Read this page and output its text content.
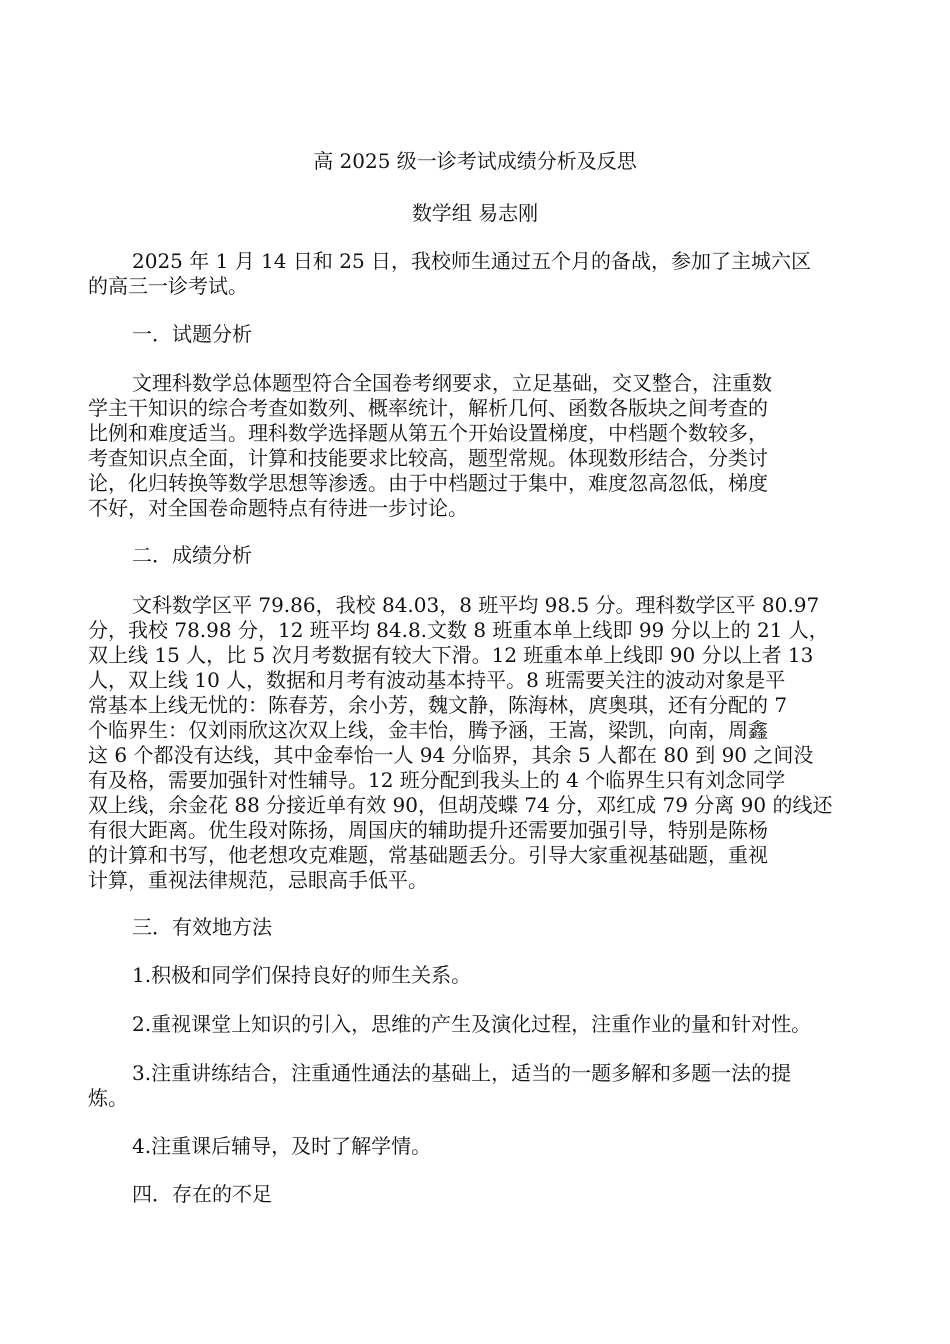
高 2025 级一诊考试成绩分析及反思
数学组 易志刚
2025 年 1 月 14 日和 25 日，我校师生通过五个月的备战，参加了主城六区
的高三一诊考试。
一．试题分析
文理科数学总体题型符合全国卷考纲要求，立足基础，交叉整合，注重数
学主干知识的综合考查如数列、概率统计，解析几何、函数各版块之间考查的
比例和难度适当。理科数学选择题从第五个开始设置梯度，中档题个数较多，
考查知识点全面，计算和技能要求比较高，题型常规。体现数形结合，分类讨
论，化归转换等数学思想等渗透。由于中档题过于集中，难度忽高忽低，梯度
不好，对全国卷命题特点有待进一步讨论。
二．成绩分析
文科数学区平 79.86，我校 84.03，8 班平均 98.5 分。理科数学区平 80.97
分，我校 78.98 分，12 班平均 84.8.文数 8 班重本单上线即 99 分以上的 21 人，
双上线 15 人，比 5 次月考数据有较大下滑。12 班重本单上线即 90 分以上者 13
人，双上线 10 人，数据和月考有波动基本持平。8 班需要关注的波动对象是平
常基本上线无忧的：陈春芳，余小芳，魏文静，陈海林，庹奥琪，还有分配的 7
个临界生：仅刘雨欣这次双上线，金丰怡，腾予涵，王嵩，梁凯，向南，周鑫
这 6 个都没有达线，其中金奉怡一人 94 分临界，其余 5 人都在 80 到 90 之间没
有及格，需要加强针对性辅导。12 班分配到我头上的 4 个临界生只有刘念同学
双上线，余金花 88 分接近单有效 90，但胡茂蝶 74 分，邓红成 79 分离 90 的线还
有很大距离。优生段对陈扬，周国庆的辅助提升还需要加强引导，特别是陈杨
的计算和书写，他老想攻克难题，常基础题丢分。引导大家重视基础题，重视
计算，重视法律规范，忌眼高手低平。
三．有效地方法
1.积极和同学们保持良好的师生关系。
2.重视课堂上知识的引入，思维的产生及演化过程，注重作业的量和针对性。
3.注重讲练结合，注重通性通法的基础上，适当的一题多解和多题一法的提
炼。
4.注重课后辅导，及时了解学情。
四．存在的不足
